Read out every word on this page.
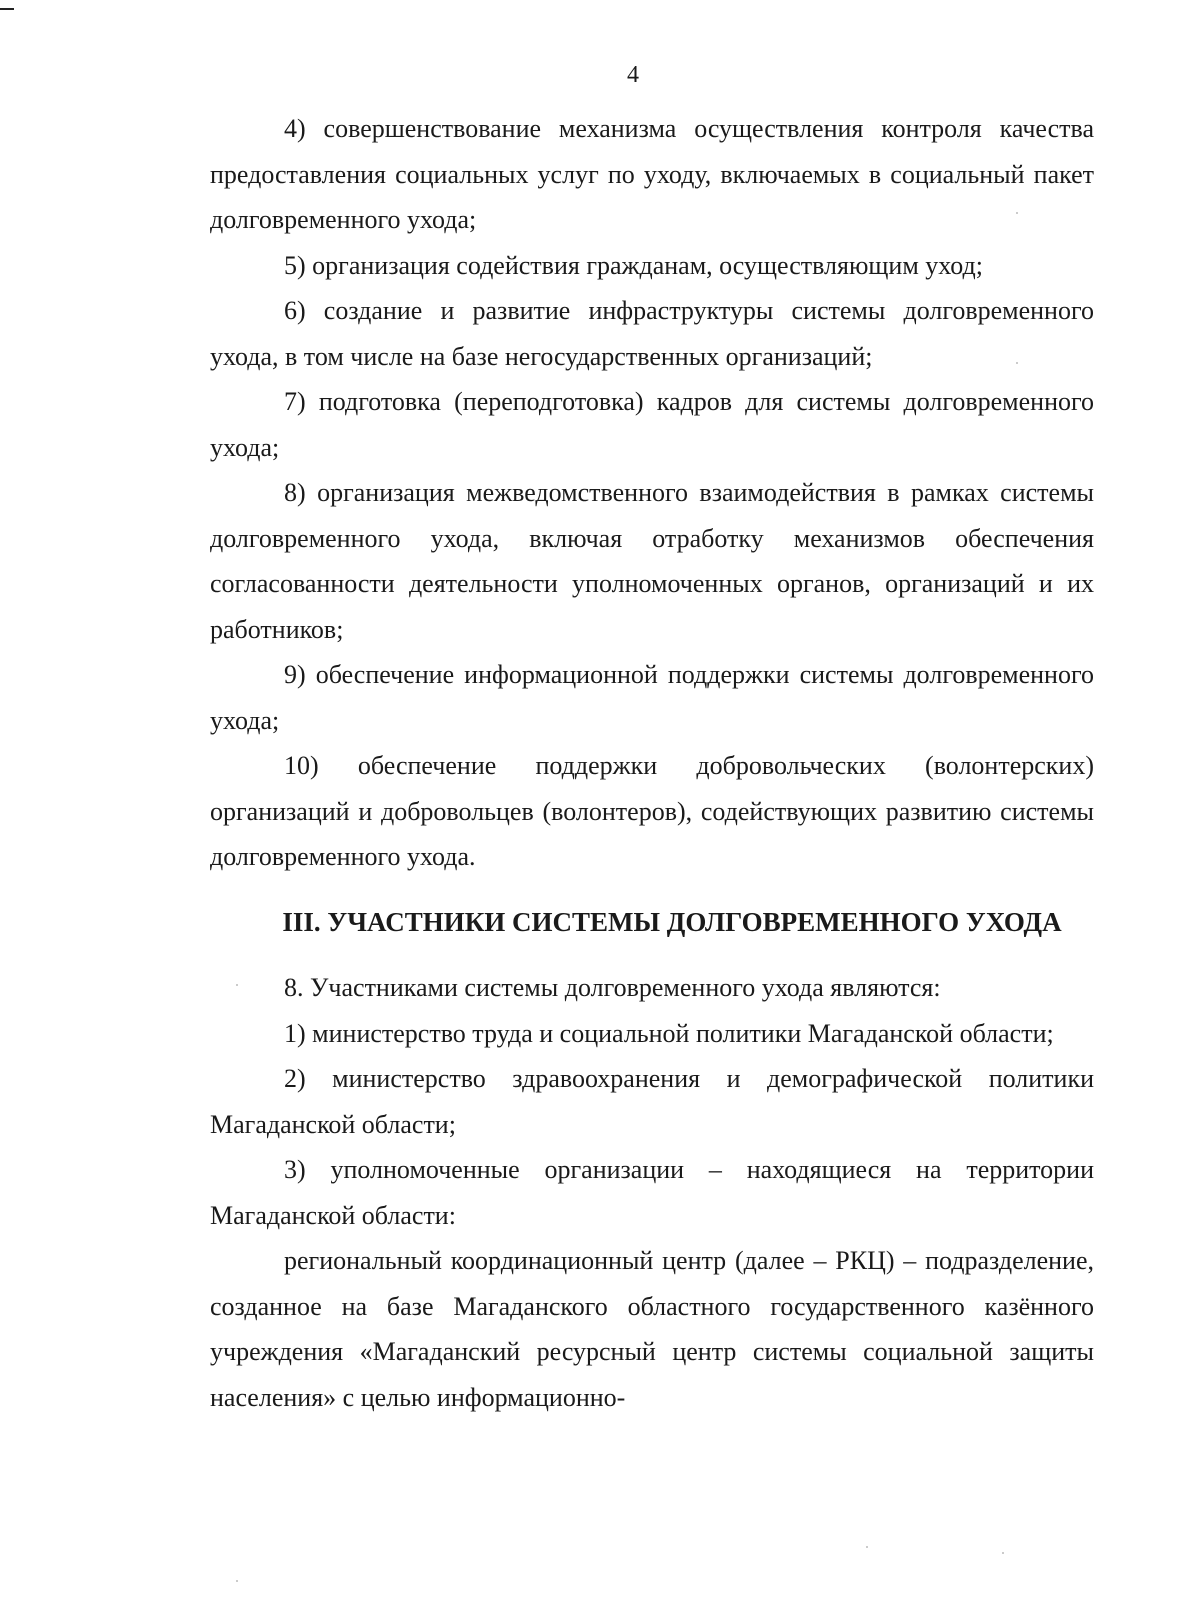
4

4) совершенствование механизма осуществления контроля качества предоставления социальных услуг по уходу, включаемых в социальный пакет долговременного ухода;

5) организация содействия гражданам, осуществляющим уход;

6) создание и развитие инфраструктуры системы долговременного ухода, в том числе на базе негосударственных организаций;

7) подготовка (переподготовка) кадров для системы долговременного ухода;

8) организация межведомственного взаимодействия в рамках системы долговременного ухода, включая отработку механизмов обеспечения согласованности деятельности уполномоченных органов, организаций и их работников;

9) обеспечение информационной поддержки системы долговременного ухода;

10) обеспечение поддержки добровольческих (волонтерских) организаций и добровольцев (волонтеров), содействующих развитию системы долговременного ухода.

III. УЧАСТНИКИ СИСТЕМЫ ДОЛГОВРЕМЕННОГО УХОДА

8. Участниками системы долговременного ухода являются:

1) министерство труда и социальной политики Магаданской области;

2) министерство здравоохранения и демографической политики Магаданской области;

3) уполномоченные организации – находящиеся на территории Магаданской области:

региональный координационный центр (далее – РКЦ) – подразделение, созданное на базе Магаданского областного государственного казённого учреждения «Магаданский ресурсный центр системы социальной защиты населения» с целью информационно-
